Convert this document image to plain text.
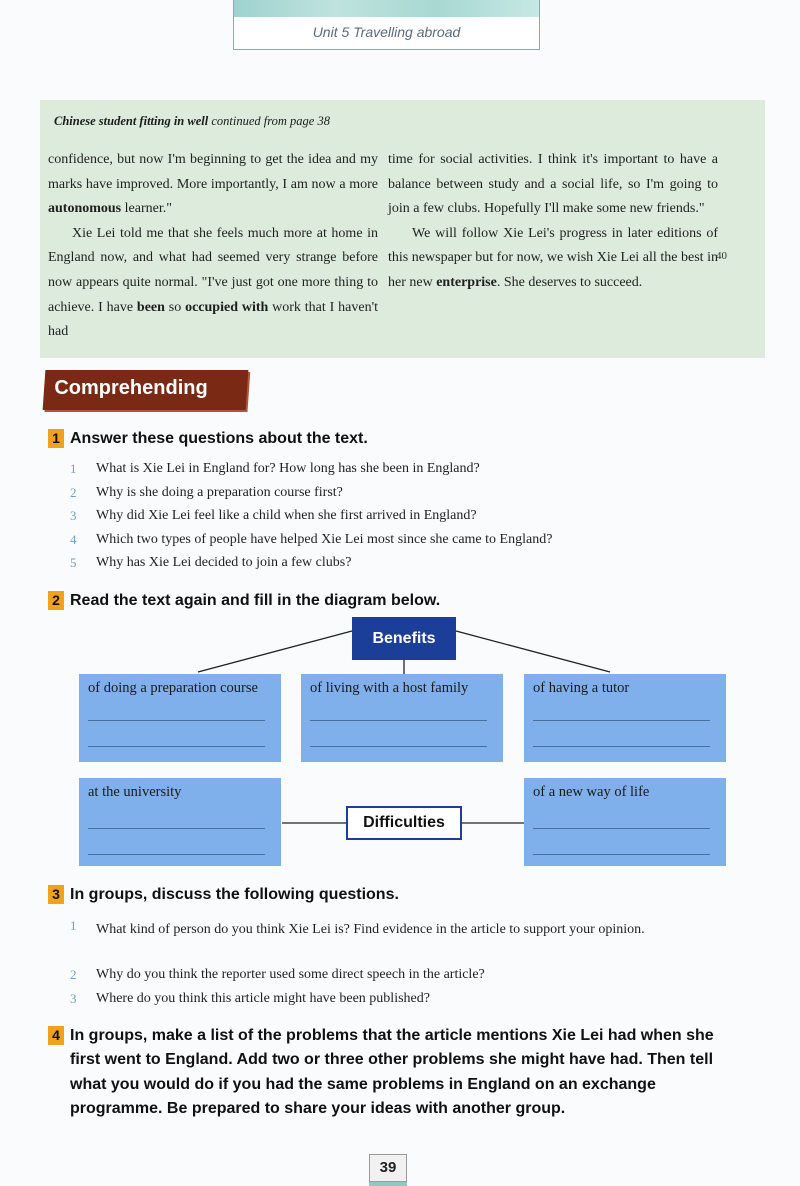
Unit 5 Travelling abroad
Chinese student fitting in well continued from page 38

confidence, but now I'm beginning to get the idea and my marks have improved. More importantly, I am now a more autonomous learner."

Xie Lei told me that she feels much more at home in England now, and what had seemed very strange before now appears quite normal. "I've just got one more thing to achieve. I have been so occupied with work that I haven't had

time for social activities. I think it's important to have a balance between study and a social life, so I'm going to join a few clubs. Hopefully I'll make some new friends."

We will follow Xie Lei's progress in later editions of this newspaper but for now, we wish Xie Lei all the best in her new enterprise. She deserves to succeed.

40
Comprehending
1 Answer these questions about the text.
1	What is Xie Lei in England for? How long has she been in England?
2	Why is she doing a preparation course first?
3	Why did Xie Lei feel like a child when she first arrived in England?
4	Which two types of people have helped Xie Lei most since she came to England?
5	Why has Xie Lei decided to join a few clubs?
2 Read the text again and fill in the diagram below.
Benefits
of doing a preparation course	of living with a host family	of having a tutor
at the university	of a new way of life
Difficulties
3 In groups, discuss the following questions.
1	What kind of person do you think Xie Lei is? Find evidence in the article to support your opinion.
2	Why do you think the reporter used some direct speech in the article?
3	Where do you think this article might have been published?
4 In groups, make a list of the problems that the article mentions Xie Lei had when she first went to England. Add two or three other problems she might have had. Then tell what you would do if you had the same problems in England on an exchange programme. Be prepared to share your ideas with another group.
39
